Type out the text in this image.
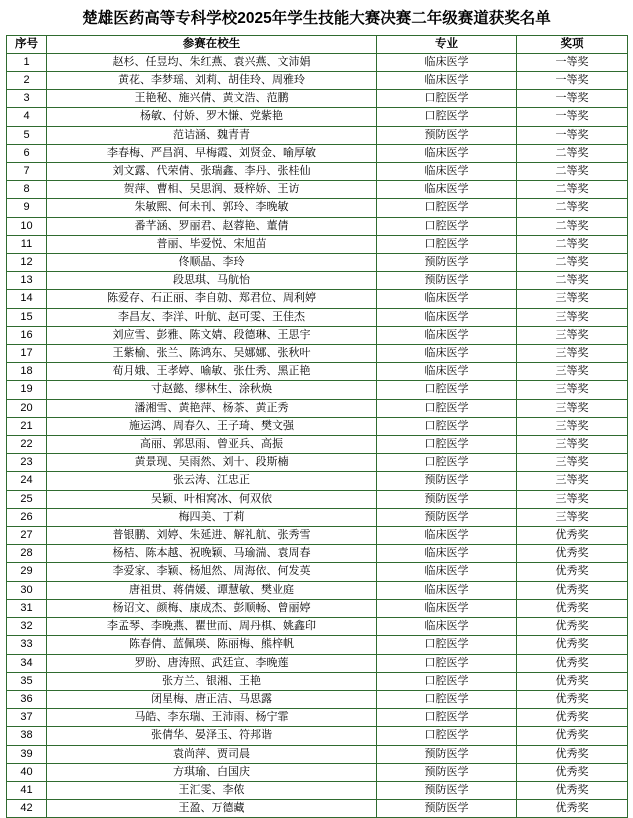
楚雄医药高等专科学校2025年学生技能大赛决赛二年级赛道获奖名单
序号	参赛在校生	专业	奖项
1	赵杉、任昱均、朱红燕、袁兴燕、文沛娟	临床医学	一等奖
2	黄花、李梦瑶、刘莉、胡佳玲、周雅玲	临床医学	一等奖
3	王艳秘、施兴倩、黄文浩、范鹏	口腔医学	一等奖
4	杨敏、付娇、罗木慊、党紫艳	口腔医学	一等奖
5	范诘涵、魏青青	预防医学	一等奖
6	李春梅、严昌润、早梅霞、刘贤金、喻厚敏	临床医学	二等奖
7	刘文露、代荣倩、张瑞鑫、李丹、张桂仙	临床医学	二等奖
8	贺萍、曹相、吴思润、聂梓娇、王访	临床医学	二等奖
9	朱敏熙、何未刊、郭玲、李晚敏	口腔医学	二等奖
10	番芊涵、罗丽君、赵蓉艳、董倩	口腔医学	二等奖
11	普丽、毕爱悦、宋旭苗	口腔医学	二等奖
12	佟顺晶、李玲	预防医学	二等奖
13	段思琪、马航怡	预防医学	二等奖
14	陈爱存、石正丽、李自勍、郑君位、周利婷	临床医学	三等奖
15	李昌友、李洋、叶航、赵可雯、王佳杰	临床医学	三等奖
16	刘应雪、彭雅、陈文婧、段德琳、王思宇	临床医学	三等奖
17	王紫榆、张兰、陈鸿东、吴娜娜、张秋叶	临床医学	三等奖
18	荀月娥、王孝婷、喻敏、张仕秀、黑正艳	临床医学	三等奖
19	寸赵懿、缪林生、涂秋焕	口腔医学	三等奖
20	潘湘雪、黄艳萍、杨茶、黄正秀	口腔医学	三等奖
21	施运鸿、周春久、王子琦、樊文强	口腔医学	三等奖
22	高丽、郭思雨、曾亚兵、高振	口腔医学	三等奖
23	黄景现、吴雨然、刘十、段斯楠	口腔医学	三等奖
24	张云涛、江忠正	预防医学	三等奖
25	吴颖、叶相窝冰、何双依	预防医学	三等奖
26	梅四美、丁莉	预防医学	三等奖
27	普银鹏、刘婷、朱延进、解礼航、张秀雪	临床医学	优秀奖
28	杨桔、陈本越、祝晚颖、马瑜湍、袁周春	临床医学	优秀奖
29	李爱家、李颖、杨旭然、周海依、何发英	临床医学	优秀奖
30	唐祖贯、蒋倩媛、谭慧敏、樊业庭	临床医学	优秀奖
31	杨诏文、颜梅、康成杰、彭顺畅、曾丽婷	临床医学	优秀奖
32	李孟琴、李晚燕、瞿世而、周丹棋、姚鑫印	临床医学	优秀奖
33	陈春倩、蓝佩瑛、陈丽梅、熊梓帆	口腔医学	优秀奖
34	罗盼、唐涛照、武廷宣、李晚莲	口腔医学	优秀奖
35	张方兰、银湘、王艳	口腔医学	优秀奖
36	闭星梅、唐正洁、马思露	口腔医学	优秀奖
37	马皓、李东瑞、王沛雨、杨宁霏	口腔医学	优秀奖
38	张倩华、晏泽玉、符邦谐	口腔医学	优秀奖
39	袁尚萍、贾司晨	预防医学	优秀奖
40	方琪瑜、白国庆	预防医学	优秀奖
41	王汇雯、李侬	预防医学	优秀奖
42	王盈、万德藏	预防医学	优秀奖
